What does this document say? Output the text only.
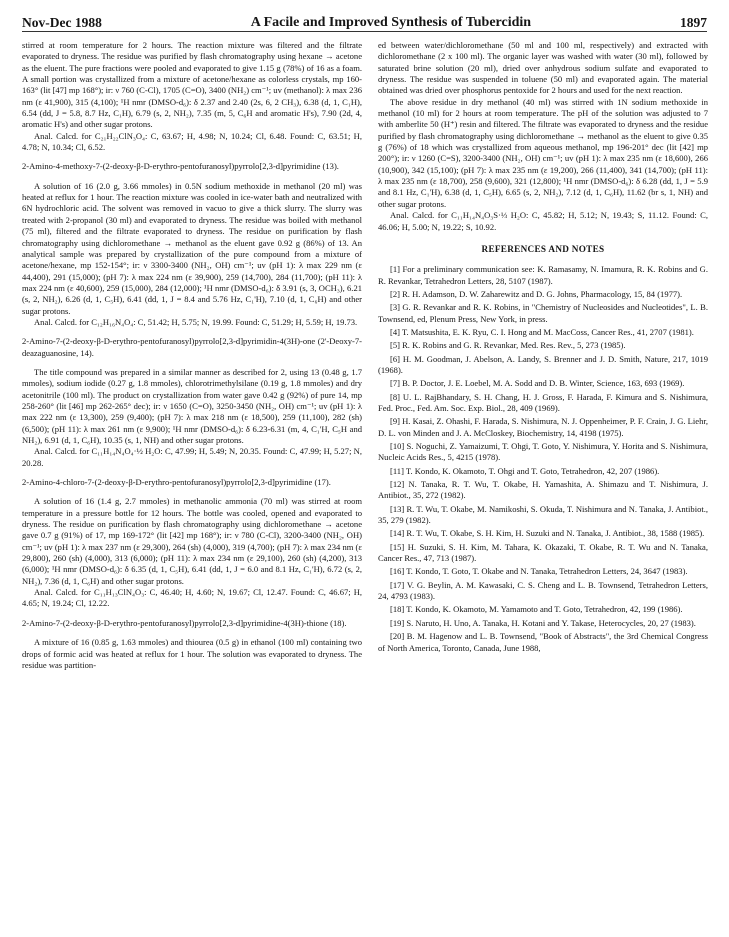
Nov-Dec 1988	A Facile and Improved Synthesis of Tubercidin	1897

stirred at room temperature for 2 hours. The reaction mixture was filtered and the filtrate evaporated to dryness. The residue was purified by flash chromatography using hexane → acetone as the eluent. The pure fractions were pooled and evaporated to give 1.15 g (78%) of 16 as a foam. A small portion was crystallized from a mixture of acetone/hexane as colorless crystals, mp 160-163° (lit [47] mp 168°); ir: ν 760 (C-Cl), 1705 (C=O), 3400 (NH₂) cm⁻¹; uv (methanol): λ max 236 nm (ε 41,900), 315 (4,100); ¹H nmr (DMSO-d₆): δ 2.37 and 2.40 (2s, 6, 2 CH₃), 6.38 (d, 1, C₁H), 6.54 (dd, J = 5.8, 8.7 Hz, C₁H), 6.79 (s, 2, NH₂), 7.35 (m, 5, C₆H and aromatic H's), 7.90 (2d, 4, aromatic H's) and other sugar protons.

Anal. Calcd. for C₂₁H₂₂ClN₃O₄: C, 63.67; H, 4.98; N, 10.24; Cl, 6.48. Found: C, 63.51; H, 4.78; N, 10.34; Cl, 6.52.

2-Amino-4-methoxy-7-(2-deoxy-β-D-erythro-pentofuranosyl)pyrrolo[2,3-d]pyrimidine (13).

A solution of 16 (2.0 g, 3.66 mmoles) in 0.5N sodium methoxide in methanol (20 ml) was heated at reflux for 1 hour. The reaction mixture was cooled in ice-water bath and neutralized with 6N hydrochloric acid. The solvent was removed in vacuo to give a thick slurry. The slurry was treated with 2-propanol (30 ml) and evaporated to dryness. The residue was boiled with methanol (75 ml), filtered and the filtrate evaporated to dryness. The residue on purification by flash chromatography using dichloromethane → methanol as the eluent gave 0.92 g (86%) of 13. An analytical sample was prepared by crystallization of the pure compound from a mixture of acetone/hexane, mp 152-154°; ir: ν 3300-3400 (NH₂, OH) cm⁻¹; uv (pH 1): λ max 229 nm (ε 44,400), 291 (15,000); (pH 7): λ max 224 nm (ε 39,900), 259 (14,700), 284 (11,700); (pH 11): λ max 224 nm (ε 40,600), 259 (15,000), 284 (12,000); ¹H nmr (DMSO-d₆): δ 3.91 (s, 3, OCH₃), 6.21 (s, 2, NH₂), 6.26 (d, 1, C₅H), 6.41 (dd, 1, J = 8.4 and 5.76 Hz, C₁'H), 7.10 (d, 1, C₆H) and other sugar protons.

Anal. Calcd. for C₁₂H₁₆N₄O₄: C, 51.42; H, 5.75; N, 19.99. Found: C, 51.29; H, 5.59; H, 19.73.

2-Amino-7-(2-deoxy-β-D-erythro-pentofuranosyl)pyrrolo[2,3-d]pyrimidin-4(3H)-one (2'-Deoxy-7-deazaguanosine, 14).

The title compound was prepared in a similar manner as described for 2, using 13 (0.48 g, 1.7 mmoles), sodium iodide (0.27 g, 1.8 mmoles), chlorotrimethylsilane (0.19 g, 1.8 mmoles) and dry acetonitrile (100 ml). The product on crystallization from water gave 0.42 g (92%) of pure 14, mp 258-260° (lit [46] mp 262-265° dec); ir: ν 1650 (C=O), 3250-3450 (NH₂, OH) cm⁻¹; uv (pH 1): λ max 222 nm (ε 13,300), 259 (9,400); (pH 7): λ max 218 nm (ε 18,500), 259 (11,100), 282 (sh) (6,500); (pH 11): λ max 261 nm (ε 9,900); ¹H nmr (DMSO-d₆): δ 6.23-6.31 (m, 4, C₁'H, C₅H and NH₂), 6.91 (d, 1, C₆H), 10.35 (s, 1, NH) and other sugar protons.

Anal. Calcd. for C₁₁H₁₄N₄O₄·½ H₂O: C, 47.99; H, 5.49; N, 20.35. Found: C, 47.99; H, 5.27; N, 20.28.

2-Amino-4-chloro-7-(2-deoxy-β-D-erythro-pentofuranosyl)pyrrolo[2,3-d]pyrimidine (17).

A solution of 16 (1.4 g, 2.7 mmoles) in methanolic ammonia (70 ml) was stirred at room temperature in a pressure bottle for 12 hours. The bottle was cooled, opened and evaporated to dryness. The residue on purification by flash chromatography using dichloromethane → acetone gave 0.7 g (91%) of 17, mp 169-172° (lit [42] mp 168°); ir: ν 780 (C-Cl), 3200-3400 (NH₂, OH) cm⁻¹; uv (pH 1): λ max 237 nm (ε 29,300), 264 (sh) (4,000), 319 (4,700); (pH 7): λ max 234 nm (ε 29,800), 260 (sh) (4,000), 313 (6,000); (pH 11): λ max 234 nm (ε 29,100), 260 (sh) (4,200), 313 (6,000); ¹H nmr (DMSO-d₆): δ 6.35 (d, 1, C₅H), 6.41 (dd, 1, J = 6.0 and 8.1 Hz, C₁'H), 6.72 (s, 2, NH₂), 7.36 (d, 1, C₆H) and other sugar protons.

Anal. Calcd. for C₁₁H₁₃ClN₄O₃: C, 46.40; H, 4.60; N, 19.67; Cl, 12.47. Found: C, 46.67; H, 4.65; N, 19.24; Cl, 12.22.

2-Amino-7-(2-deoxy-β-D-erythro-pentofuranosyl)pyrrolo[2,3-d]pyrimidine-4(3H)-thione (18).

A mixture of 16 (0.85 g, 1.63 mmoles) and thiourea (0.5 g) in ethanol (100 ml) containing two drops of formic acid was heated at reflux for 1 hour. The solution was evaporated to dryness. The residue was partition-

ed between water/dichloromethane (50 ml and 100 ml, respectively) and extracted with dichloromethane (2 x 100 ml). The organic layer was washed with water (30 ml), followed by saturated brine solution (20 ml), dried over anhydrous sodium sulfate and evaporated to dryness. The residue was suspended in toluene (50 ml) and evaporated again. The material obtained was dried over phosphorus pentoxide for 2 hours and used for the next reaction.

The above residue in dry methanol (40 ml) was stirred with 1N sodium methoxide in methanol (10 ml) for 2 hours at room temperature. The pH of the solution was adjusted to 7 with amberlite 50 (H⁺) resin and filtered. The filtrate was evaporated to dryness and the residue purified by flash chromatography using dichloromethane → methanol as the eluent to give 0.35 g (76%) of 18 which was crystallized from aqueous methanol, mp 196-201° dec (lit [42] mp 200°); ir: ν 1260 (C=S), 3200-3400 (NH₂, OH) cm⁻¹; uv (pH 1): λ max 235 nm (ε 18,600), 266 (10,900), 342 (15,100); (pH 7): λ max 235 nm (ε 19,200), 266 (11,400), 341 (14,700); (pH 11): λ max 235 nm (ε 18,700), 258 (9,600), 321 (12,800); ¹H nmr (DMSO-d₆): δ 6.28 (dd, 1, J = 5.9 and 8.1 Hz, C₁'H), 6.38 (d, 1, C₅H), 6.65 (s, 2, NH₂), 7.12 (d, 1, C₆H), 11.62 (br s, 1, NH) and other sugar protons.

Anal. Calcd. for C₁₁H₁₄N₄O₃S·⅓ H₂O: C, 45.82; H, 5.12; N, 19.43; S, 11.12. Found: C, 46.06; H, 5.00; N, 19.22; S, 10.92.

REFERENCES AND NOTES

[1] For a preliminary communication see: K. Ramasamy, N. Imamura, R. K. Robins and G. R. Revankar, Tetrahedron Letters, 28, 5107 (1987).

[2] R. H. Adamson, D. W. Zaharewitz and D. G. Johns, Pharmacology, 15, 84 (1977).

[3] G. R. Revankar and R. K. Robins, in "Chemistry of Nucleosides and Nucleotides", L. B. Townsend, ed, Plenum Press, New York, in press.

[4] T. Matsushita, E. K. Ryu, C. I. Hong and M. MacCoss, Cancer Res., 41, 2707 (1981).

[5] R. K. Robins and G. R. Revankar, Med. Res. Rev., 5, 273 (1985).

[6] H. M. Goodman, J. Abelson, A. Landy, S. Brenner and J. D. Smith, Nature, 217, 1019 (1968).

[7] B. P. Doctor, J. E. Loebel, M. A. Sodd and D. B. Winter, Science, 163, 693 (1969).

[8] U. L. RajBhandary, S. H. Chang, H. J. Gross, F. Harada, F. Kimura and S. Nishimura, Fed. Proc., Fed. Am. Soc. Exp. Biol., 28, 409 (1969).

[9] H. Kasai, Z. Ohashi, F. Harada, S. Nishimura, N. J. Oppenheimer, P. F. Crain, J. G. Liehr, D. L. von Minden and J. A. McCloskey, Biochemistry, 14, 4198 (1975).

[10] S. Noguchi, Z. Yamaizumi, T. Ohgi, T. Goto, Y. Nishimura, Y. Horita and S. Nishimura, Nucleic Acids Res., 5, 4215 (1978).

[11] T. Kondo, K. Okamoto, T. Ohgi and T. Goto, Tetrahedron, 42, 207 (1986).

[12] N. Tanaka, R. T. Wu, T. Okabe, H. Yamashita, A. Shimazu and T. Nishimura, J. Antibiot., 35, 272 (1982).

[13] R. T. Wu, T. Okabe, M. Namikoshi, S. Okuda, T. Nishimura and N. Tanaka, J. Antibiot., 35, 279 (1982).

[14] R. T. Wu, T. Okabe, S. H. Kim, H. Suzuki and N. Tanaka, J. Antibiot., 38, 1588 (1985).

[15] H. Suzuki, S. H. Kim, M. Tahara, K. Okazaki, T. Okabe, R. T. Wu and N. Tanaka, Cancer Res., 47, 713 (1987).

[16] T. Kondo, T. Goto, T. Okabe and N. Tanaka, Tetrahedron Letters, 24, 3647 (1983).

[17] V. G. Beylin, A. M. Kawasaki, C. S. Cheng and L. B. Townsend, Tetrahedron Letters, 24, 4793 (1983).

[18] T. Kondo, K. Okamoto, M. Yamamoto and T. Goto, Tetrahedron, 42, 199 (1986).

[19] S. Naruto, H. Uno, A. Tanaka, H. Kotani and Y. Takase, Heterocycles, 20, 27 (1983).

[20] B. M. Hagenow and L. B. Townsend, "Book of Abstracts", the 3rd Chemical Congress of North America, Toronto, Canada, June 1988,
